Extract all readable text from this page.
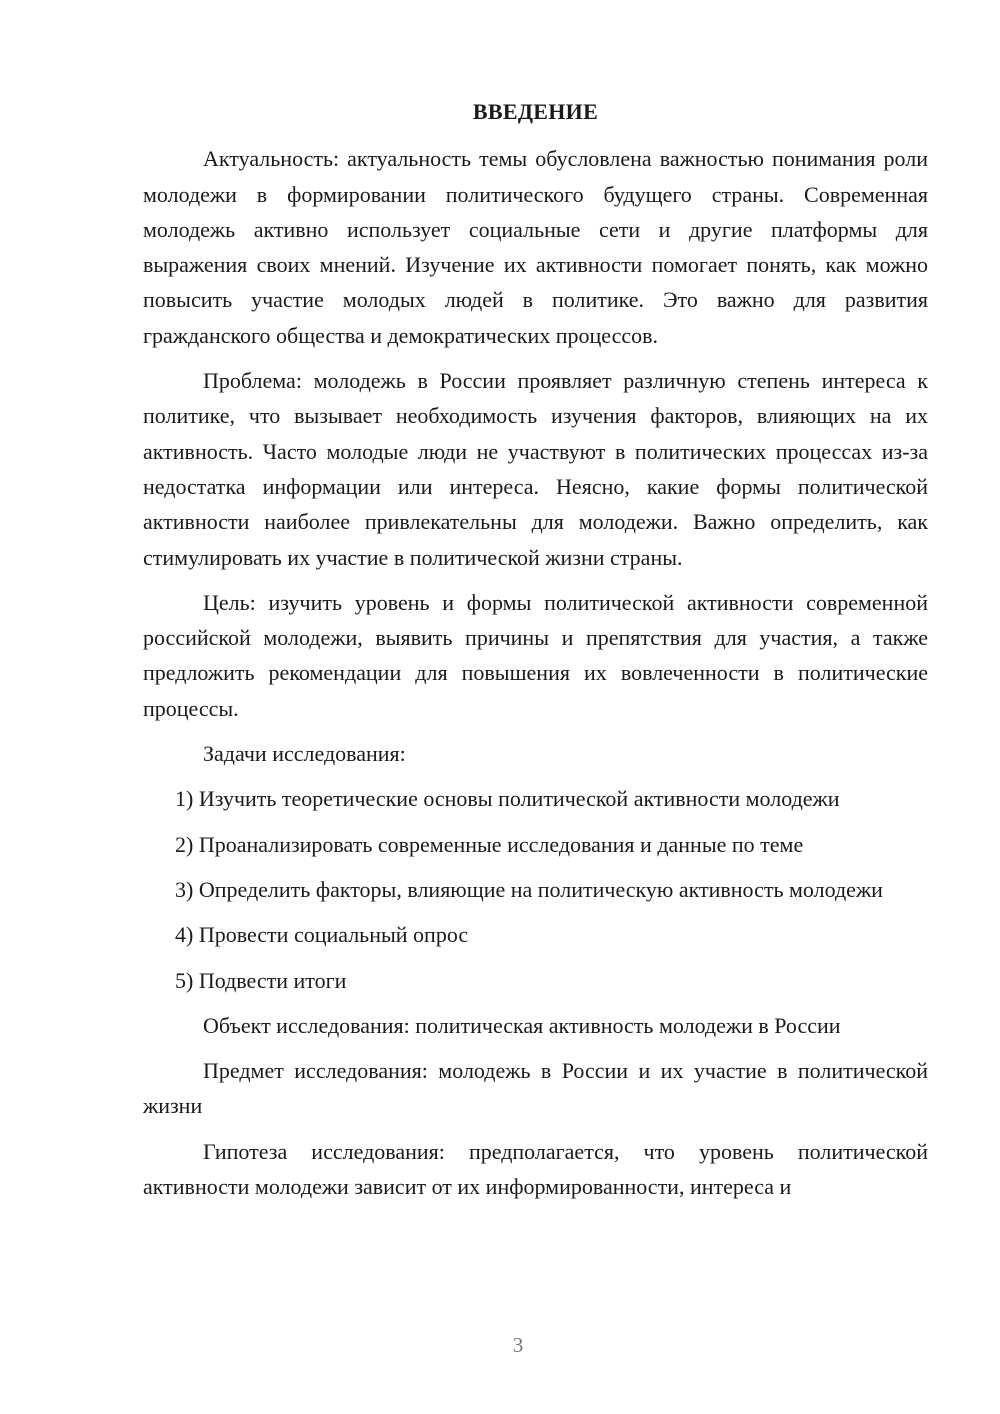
ВВЕДЕНИЕ

Актуальность: актуальность темы обусловлена важностью понимания роли молодежи в формировании политического будущего страны. Современная молодежь активно использует социальные сети и другие платформы для выражения своих мнений. Изучение их активности помогает понять, как можно повысить участие молодых людей в политике. Это важно для развития гражданского общества и демократических процессов.

Проблема: молодежь в России проявляет различную степень интереса к политике, что вызывает необходимость изучения факторов, влияющих на их активность. Часто молодые люди не участвуют в политических процессах из-за недостатка информации или интереса. Неясно, какие формы политической активности наиболее привлекательны для молодежи. Важно определить, как стимулировать их участие в политической жизни страны.

Цель: изучить уровень и формы политической активности современной российской молодежи, выявить причины и препятствия для участия, а также предложить рекомендации для повышения их вовлеченности в политические процессы.

Задачи исследования:

1) Изучить теоретические основы политической активности молодежи

2) Проанализировать современные исследования и данные по теме

3) Определить факторы, влияющие на политическую активность молодежи

4) Провести социальный опрос

5) Подвести итоги

Объект исследования: политическая активность молодежи в России

Предмет исследования: молодежь в России и их участие в политической жизни

Гипотеза исследования: предполагается, что уровень политической активности молодежи зависит от их информированности, интереса и

3
